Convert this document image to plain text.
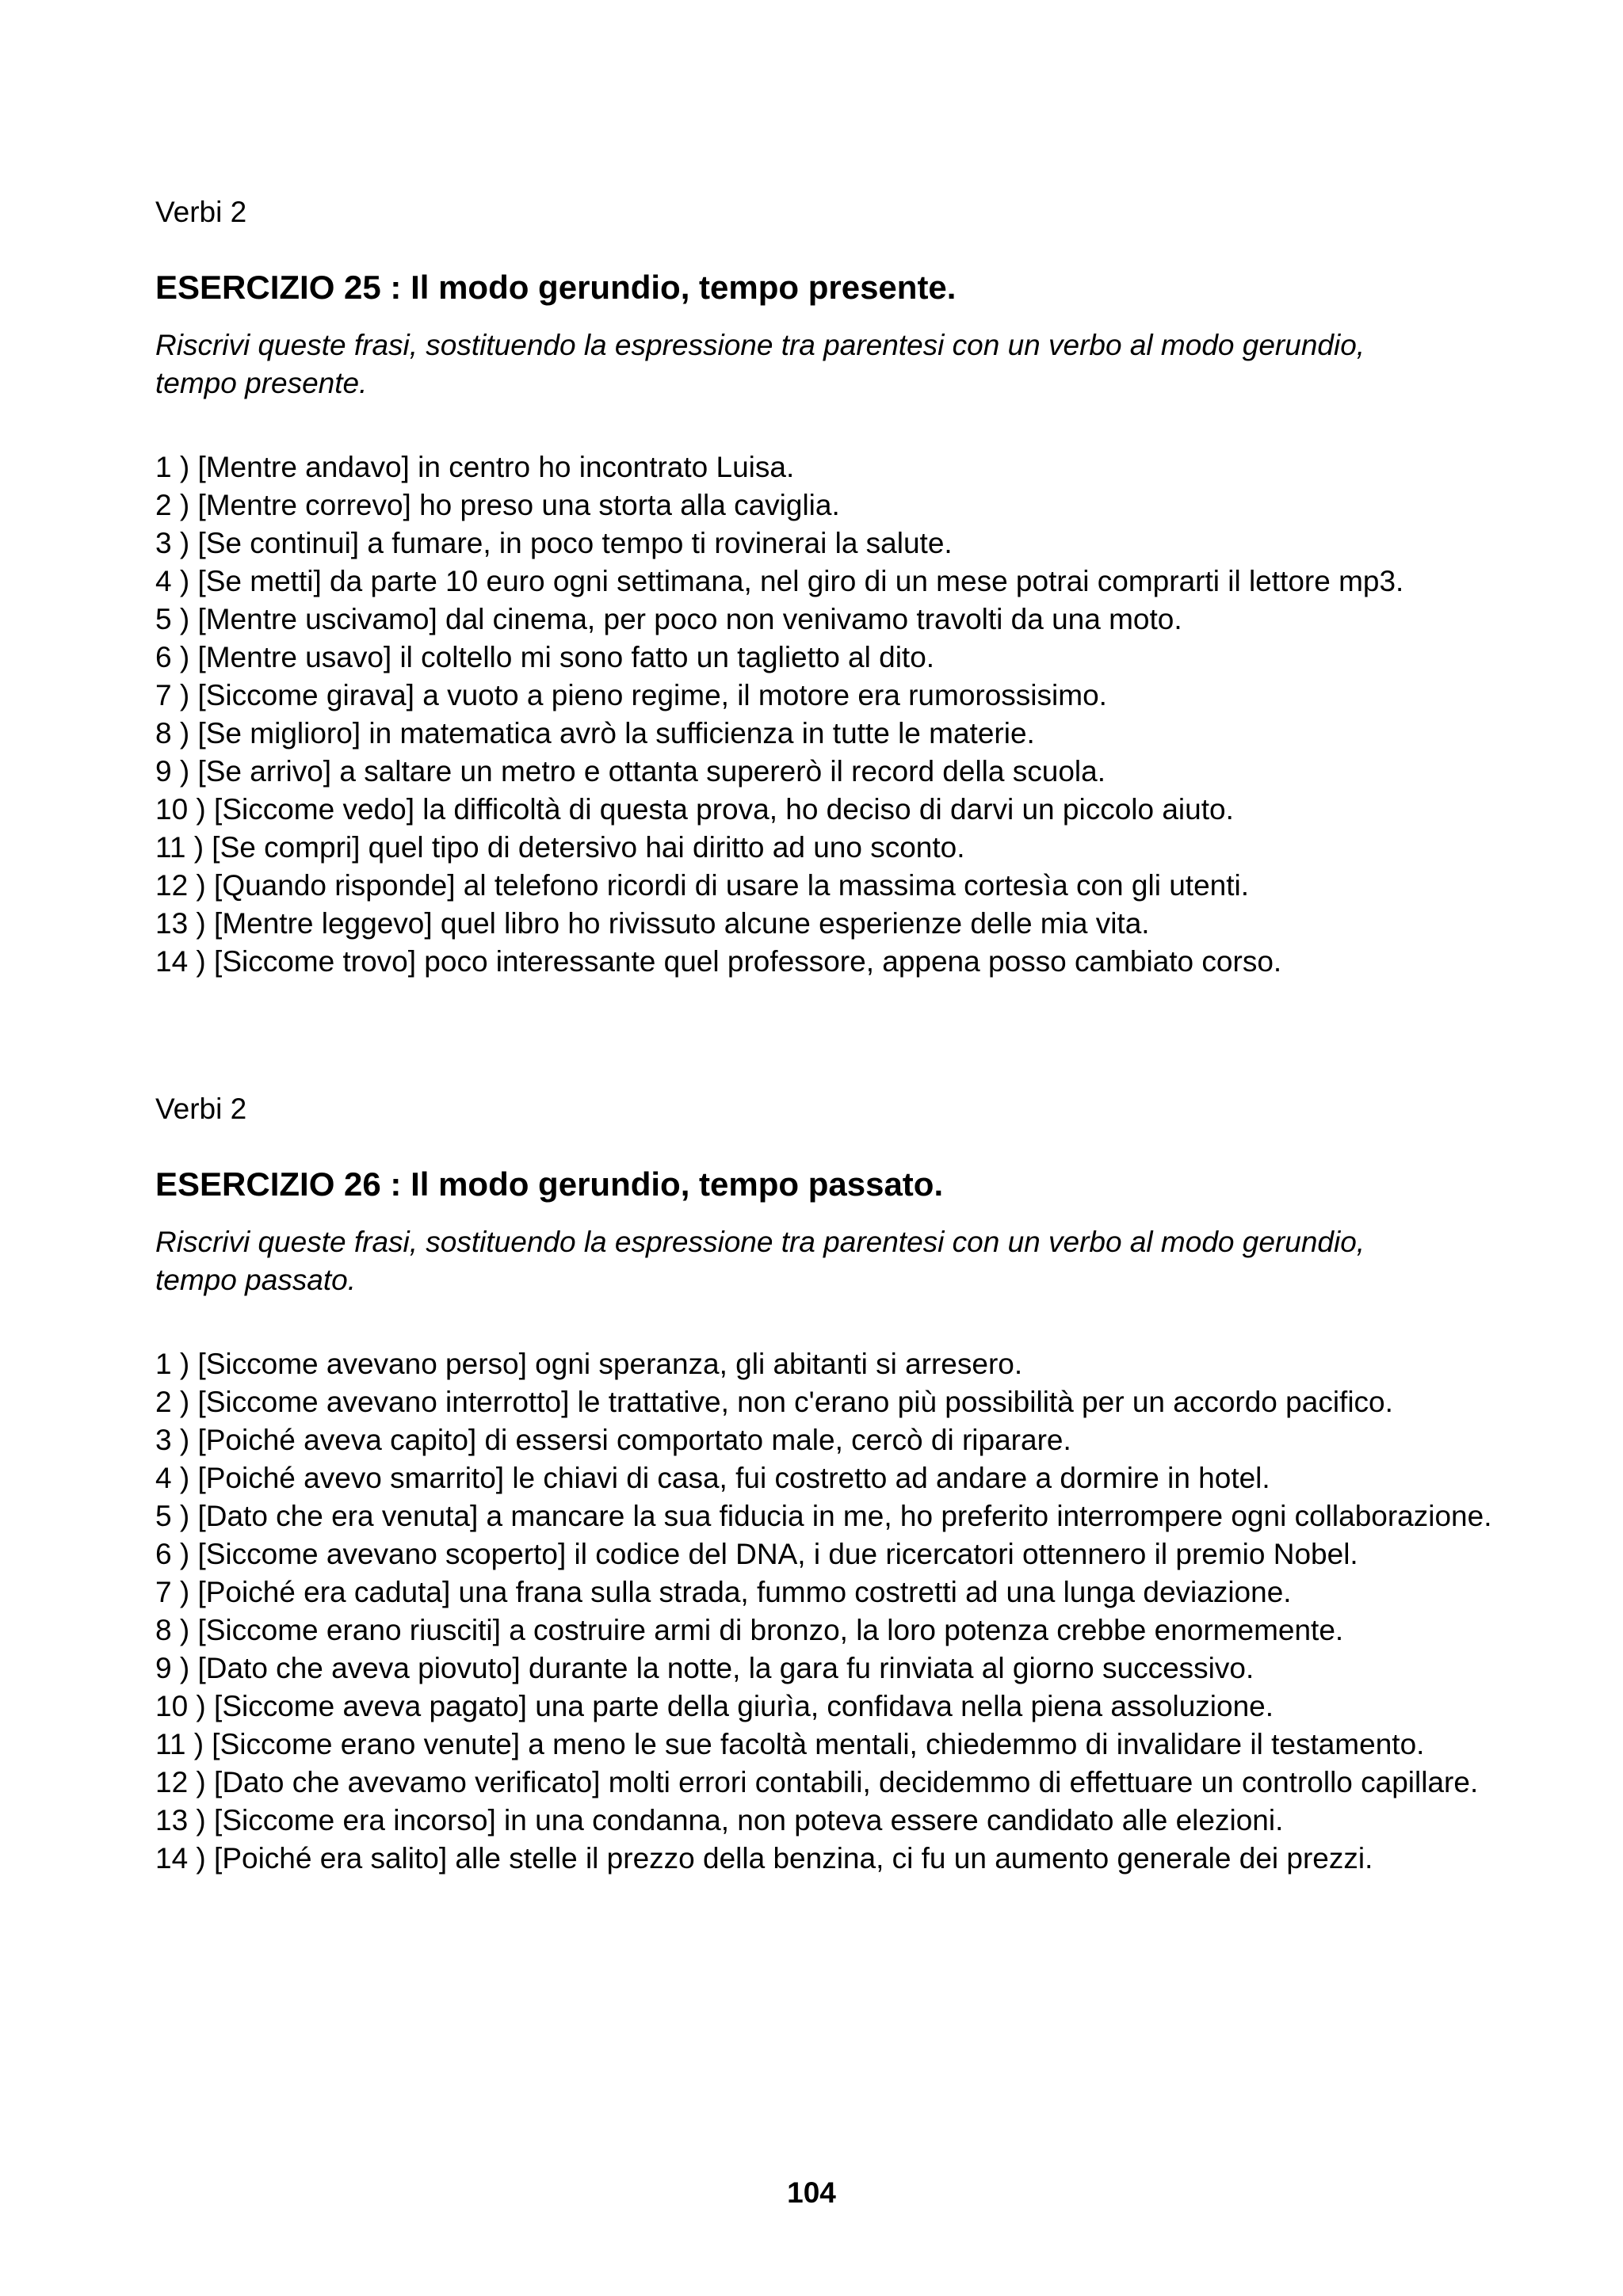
Verbi 2

ESERCIZIO 25 : Il modo gerundio, tempo presente.

Riscrivi queste frasi, sostituendo la espressione tra parentesi con un verbo al modo gerundio, tempo presente.

1 ) [Mentre andavo] in centro ho incontrato Luisa.
2 ) [Mentre correvo] ho preso una storta alla caviglia.
3 ) [Se continui] a fumare, in poco tempo ti rovinerai la salute.
4 ) [Se metti] da parte 10 euro ogni settimana, nel giro di un mese potrai comprarti il lettore mp3.
5 ) [Mentre uscivamo] dal cinema, per poco non venivamo travolti da una moto.
6 ) [Mentre usavo] il coltello mi sono fatto un taglietto al dito.
7 ) [Siccome girava] a vuoto a pieno regime, il motore era rumorossisimo.
8 ) [Se miglioro] in matematica avrò la sufficienza in tutte le materie.
9 ) [Se arrivo] a saltare un metro e ottanta supererò il record della scuola.
10 ) [Siccome vedo] la difficoltà di questa prova, ho deciso di darvi un piccolo aiuto.
11 ) [Se compri] quel tipo di detersivo hai diritto ad uno sconto.
12 ) [Quando risponde] al telefono ricordi di usare la massima cortesìa con gli utenti.
13 ) [Mentre leggevo] quel libro ho rivissuto alcune esperienze delle mia vita.
14 ) [Siccome trovo] poco interessante quel professore, appena posso cambiato corso.

Verbi 2

ESERCIZIO 26 : Il modo gerundio, tempo passato.

Riscrivi queste frasi, sostituendo la espressione tra parentesi con un verbo al modo gerundio, tempo passato.

1 ) [Siccome avevano perso] ogni speranza, gli abitanti si arresero.
2 ) [Siccome avevano interrotto] le trattative, non c'erano più possibilità per un accordo pacifico.
3 ) [Poiché aveva capito] di essersi comportato male, cercò di riparare.
4 ) [Poiché avevo smarrito] le chiavi di casa, fui costretto ad andare a dormire in hotel.
5 ) [Dato che era venuta] a mancare la sua fiducia in me, ho preferito interrompere ogni collaborazione.
6 ) [Siccome avevano scoperto] il codice del DNA, i due ricercatori ottennero il premio Nobel.
7 ) [Poiché era caduta] una frana sulla strada, fummo costretti ad una lunga deviazione.
8 ) [Siccome erano riusciti] a costruire armi di bronzo, la loro potenza crebbe enormemente.
9 ) [Dato che aveva piovuto] durante la notte, la gara fu rinviata al giorno successivo.
10 ) [Siccome aveva pagato] una parte della giurìa, confidava nella piena assoluzione.
11 ) [Siccome erano venute] a meno le sue facoltà mentali, chiedemmo di invalidare il testamento.
12 ) [Dato che avevamo verificato] molti errori contabili, decidemmo di effettuare un controllo capillare.
13 ) [Siccome era incorso] in una condanna, non poteva essere candidato alle elezioni.
14 ) [Poiché era salito] alle stelle il prezzo della benzina, ci fu un aumento generale dei prezzi.
104
